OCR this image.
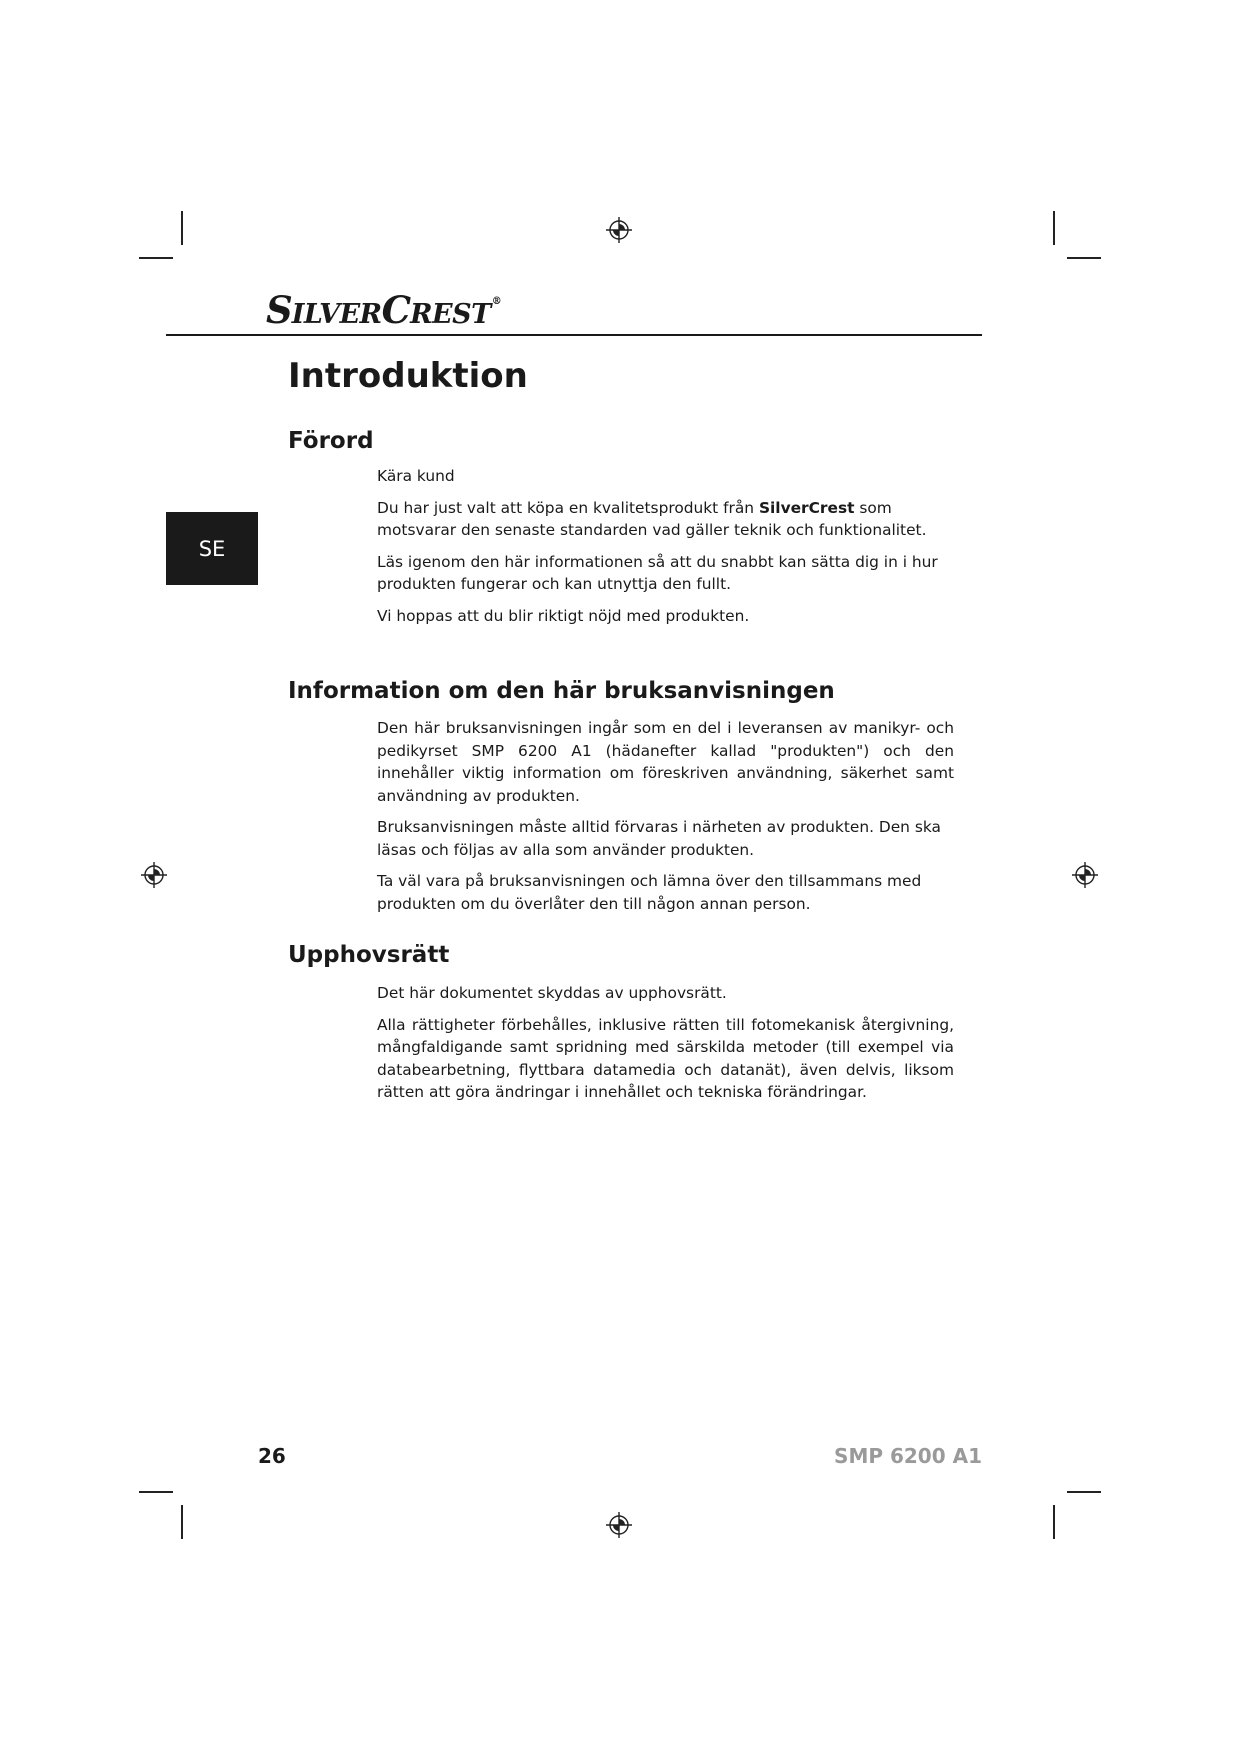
SILVERCREST®
SE
Introduktion
Förord

Kära kund

Du har just valt att köpa en kvalitetsprodukt från SilverCrest som motsvarar den senaste standarden vad gäller teknik och funktionalitet.

Läs igenom den här informationen så att du snabbt kan sätta dig in i hur produkten fungerar och kan utnyttja den fullt.

Vi hoppas att du blir riktigt nöjd med produkten.

Information om den här bruksanvisningen

Den här bruksanvisningen ingår som en del i leveransen av manikyr- och pedikyrset SMP 6200 A1 (hädanefter kallad "produkten") och den innehåller viktig information om föreskriven användning, säkerhet samt användning av produkten.

Bruksanvisningen måste alltid förvaras i närheten av produkten. Den ska läsas och följas av alla som använder produkten.

Ta väl vara på bruksanvisningen och lämna över den tillsammans med produkten om du överlåter den till någon annan person.

Upphovsrätt

Det här dokumentet skyddas av upphovsrätt.

Alla rättigheter förbehålles, inklusive rätten till fotomekanisk återgivning, mångfaldigande samt spridning med särskilda metoder (till exempel via databearbetning, flyttbara datamedia och datanät), även delvis, liksom rätten att göra ändringar i innehållet och tekniska förändringar.

26	SMP 6200 A1
